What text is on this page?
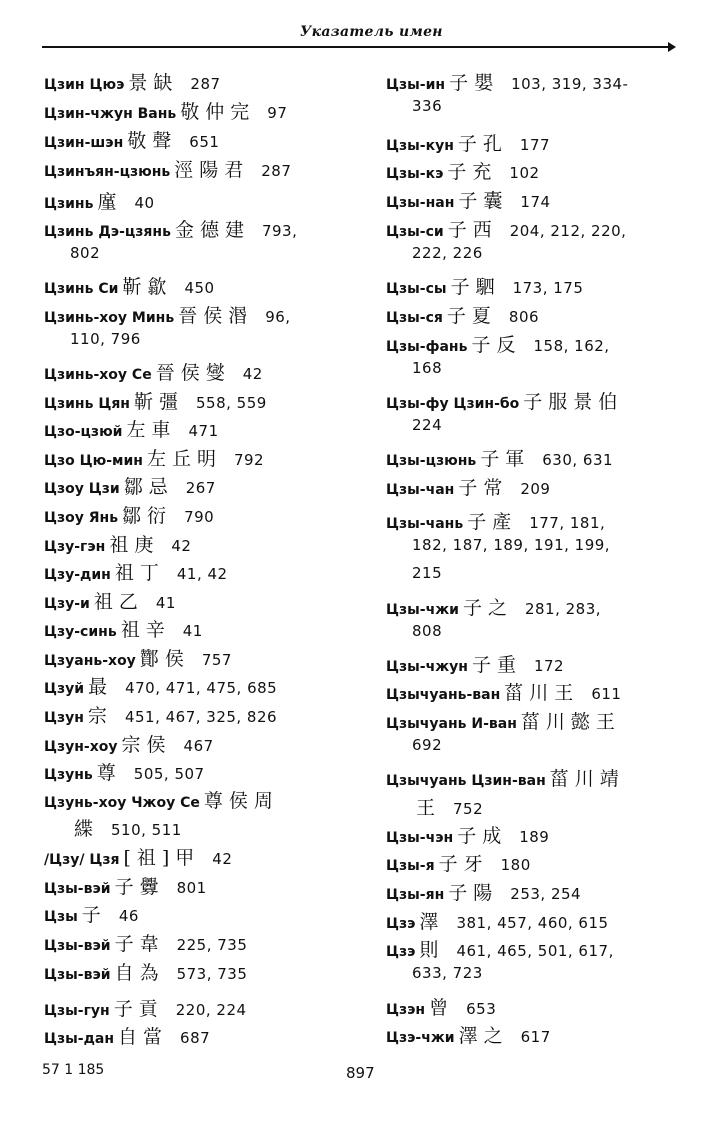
Указатель имен
Цзин Цюэ 景缺 287
Цзин-чжун Вань 敬仲完 97
Цзин-шэн 敬聲 651
Цзинъян-цзюнь 涇陽君 287
Цзинь 廑 40
Цзинь Дэ-цзянь 金德建 793,
802
Цзинь Си 靳歙 450
Цзинь-хоу Минь 晉侯湣 96,
110, 796
Цзинь-хоу Се 晉侯燮 42
Цзинь Цян 靳彊 558, 559
Цзо-цзюй 左車 471
Цзо Цю-мин 左丘明 792
Цзоу Цзи 鄒忌 267
Цзоу Янь 鄒衍 790
Цзу-гэн 祖庚 42
Цзу-дин 祖丁 41, 42
Цзу-и 祖乙 41
Цзу-синь 祖辛 41
Цзуань-хоу 酇侯 757
Цзуй 最 470, 471, 475, 685
Цзун 宗 451, 467, 325, 826
Цзун-хоу 宗侯 467
Цзунь 尊 505, 507
Цзунь-хоу Чжоу Се 尊侯周
緤 510, 511
/Цзу/ Цзя [祖]甲 42
Цзы-вэй 子釁 801
Цзы 子 46
Цзы-вэй 子韋 225, 735
Цзы-вэй 自為 573, 735
Цзы-гун 子貢 220, 224
Цзы-дан 自當 687
Цзы-ин 子嬰 103, 319, 334-
336
Цзы-кун 子孔 177
Цзы-кэ 子充 102
Цзы-нан 子囊 174
Цзы-си 子西 204, 212, 220,
222, 226
Цзы-сы 子駟 173, 175
Цзы-ся 子夏 806
Цзы-фань 子反 158, 162,
168
Цзы-фу Цзин-бо 子服景伯
224
Цзы-цзюнь 子軍 630, 631
Цзы-чан 子常 209
Цзы-чань 子產 177, 181,
182, 187, 189, 191, 199,
215
Цзы-чжи 子之 281, 283,
808
Цзы-чжун 子重 172
Цзычуань-ван 菑川王 611
Цзычуань И-ван 菑川懿王
692
Цзычуань Цзин-ван 菑川靖
王 752
Цзы-чэн 子成 189
Цзы-я 子牙 180
Цзы-ян 子陽 253, 254
Цзэ 澤 381, 457, 460, 615
Цзэ 則 461, 465, 501, 617,
633, 723
Цзэн 曾 653
Цзэ-чжи 澤之 617
57 1 185	897
